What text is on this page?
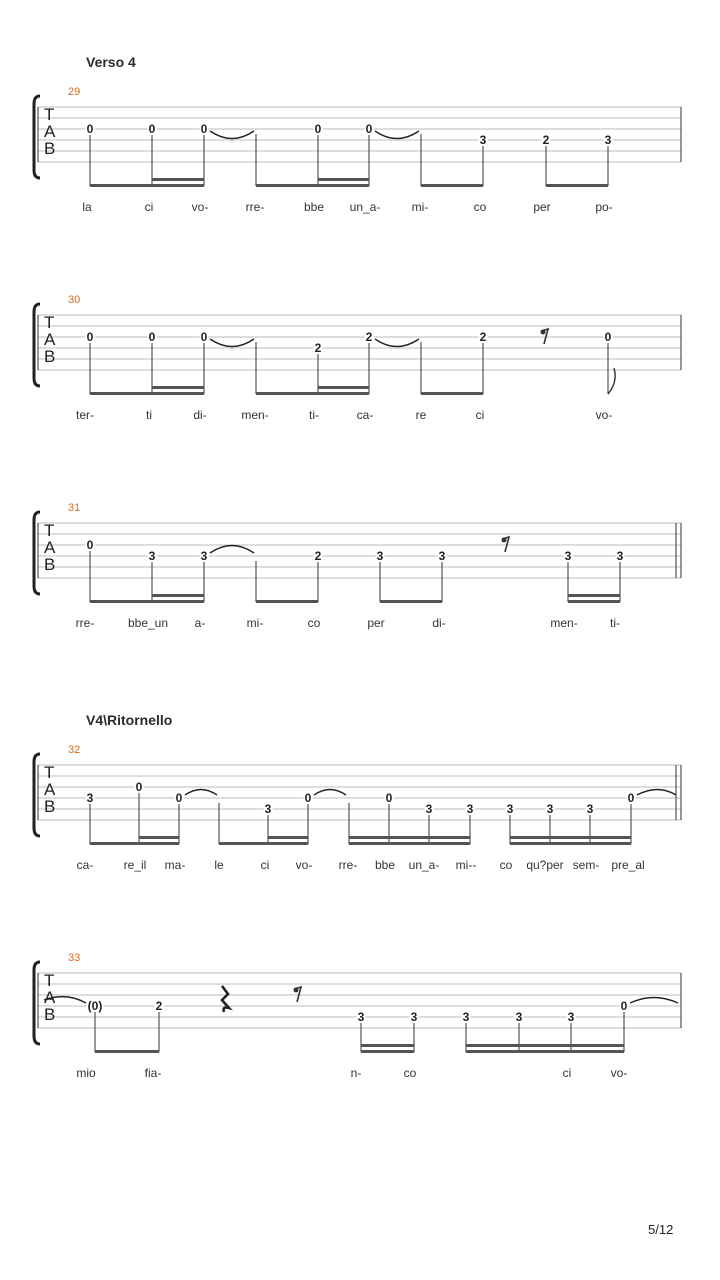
Verso 4
V4\Ritornello
29
T
A
B
0	0	0	0	0
3	2	3
la	ci	vo-	rre-	bbe un_a-	mi-	co	per	po-
30
T
A
B
0	0	0
2
2	2	0
ter-	ti	di-	men-	ti-	ca-	re	ci	vo-
31
T
A
B
0
3	3	2	3	3	3	3
rre-	bbe_un a-	mi-	co	per	di-	men-	ti-
32
T
A
B	3
0
0
3
0	0
3	3	3	3	3
0
ca-	re_il ma- le	ci vo- rre- bbe un_a- mi-- co qu?per sem- pre_al
33
T
A
B	(0)	2
3	3	3	3	3
0
mio	fia-	n-	co	ci	vo-
5/12
